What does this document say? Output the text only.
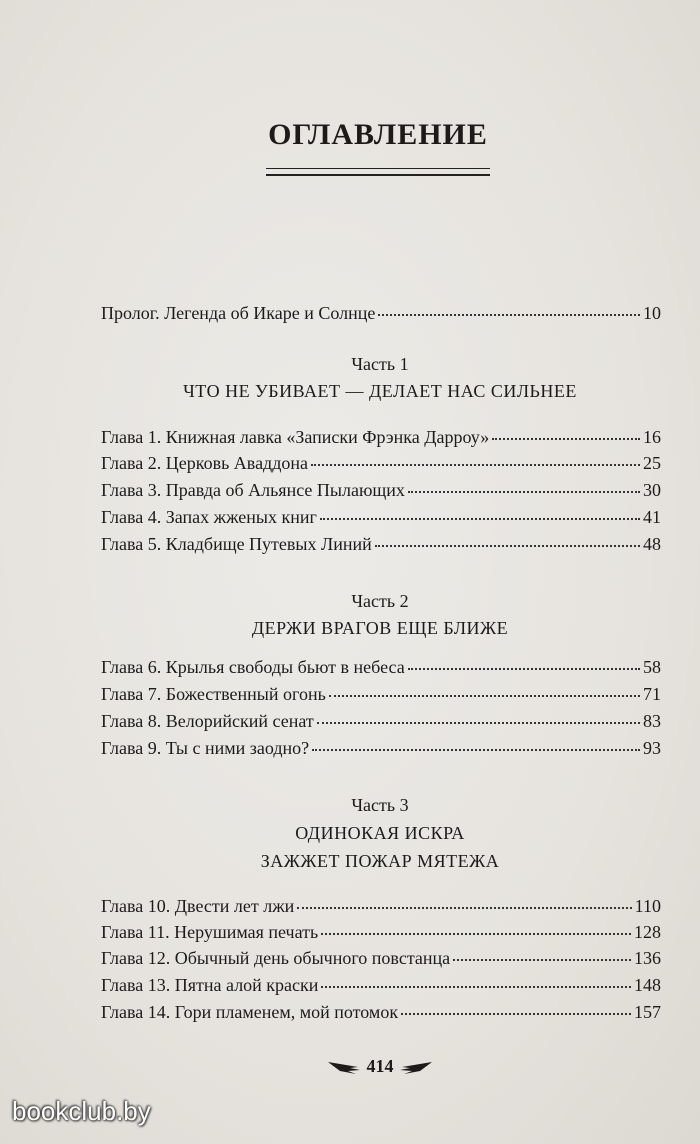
ОГЛАВЛЕНИЕ
Пролог. Легенда об Икаре и Солнце	10
Часть 1
ЧТО НЕ УБИВАЕТ — ДЕЛАЕТ НАС СИЛЬНЕЕ
Глава 1. Книжная лавка «Записки Фрэнка Дарроу»	16
Глава 2. Церковь Аваддона	25
Глава 3. Правда об Альянсе Пылающих	30
Глава 4. Запах жженых книг	41
Глава 5. Кладбище Путевых Линий	48
Часть 2
ДЕРЖИ ВРАГОВ ЕЩЕ БЛИЖЕ
Глава 6. Крылья свободы бьют в небеса	58
Глава 7. Божественный огонь	71
Глава 8. Велорийский сенат	83
Глава 9. Ты с ними заодно?	93
Часть 3
ОДИНОКАЯ ИСКРА
ЗАЖЖЕТ ПОЖАР МЯТЕЖА
Глава 10. Двести лет лжи	110
Глава 11. Нерушимая печать	128
Глава 12. Обычный день обычного повстанца	136
Глава 13. Пятна алой краски	148
Глава 14. Гори пламенем, мой потомок	157
414
bookclub.by
